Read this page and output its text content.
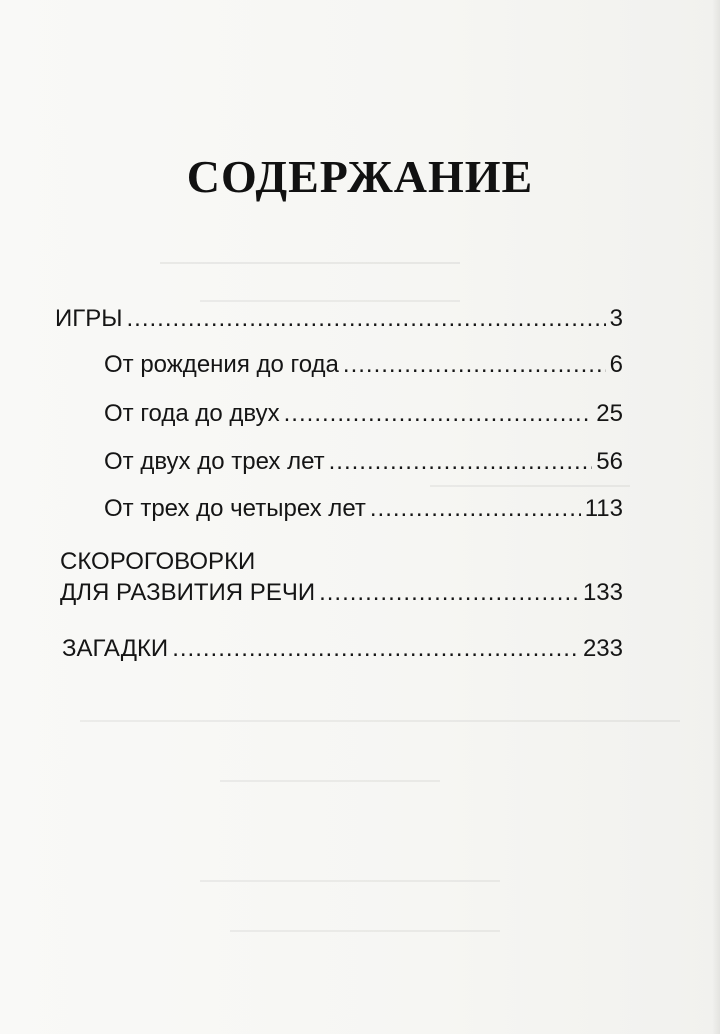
СОДЕРЖАНИЕ
ИГРЫ .....	3
От рождения до года .....	6
От года до двух .....	25
От двух до трех лет .....	56
От трех до четырех лет .....	113
СКОРОГОВОРКИ
ДЛЯ РАЗВИТИЯ РЕЧИ .....	133
ЗАГАДКИ .....	233
